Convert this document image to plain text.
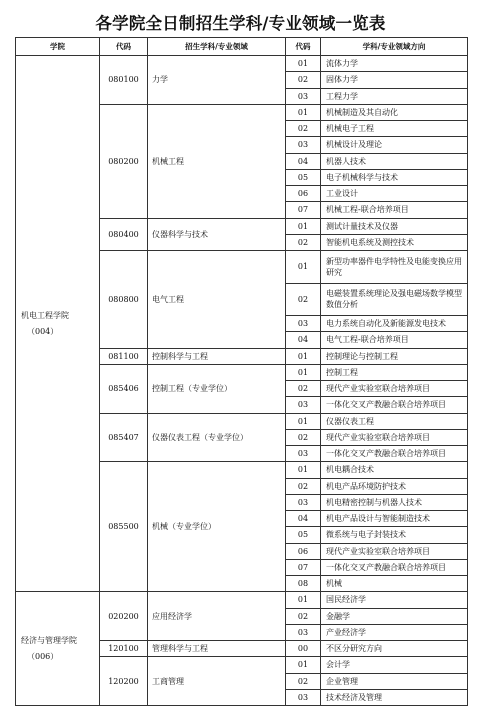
各学院全日制招生学科/专业领域一览表
学院	代码	招生学科/专业领域	代码	学科/专业领域方向
机电工程学院
（004）	080100	力学	01	流体力学
			02	固体力学
			03	工程力学
	080200	机械工程	01	机械制造及其自动化
			02	机械电子工程
			03	机械设计及理论
			04	机器人技术
			05	电子机械科学与技术
			06	工业设计
			07	机械工程-联合培养项目
	080400	仪器科学与技术	01	测试计量技术及仪器
			02	智能机电系统及测控技术
	080800	电气工程	01	新型功率器件电学特性及电能变换应用研究
			02	电磁装置系统理论及强电磁场数学模型数值分析
			03	电力系统自动化及新能源发电技术
			04	电气工程-联合培养项目
	081100	控制科学与工程	01	控制理论与控制工程
	085406	控制工程（专业学位）	01	控制工程
			02	现代产业实验室联合培养项目
			03	一体化交叉产教融合联合培养项目
	085407	仪器仪表工程（专业学位）	01	仪器仪表工程
			02	现代产业实验室联合培养项目
			03	一体化交叉产教融合联合培养项目
	085500	机械（专业学位）	01	机电耦合技术
			02	机电产品环境防护技术
			03	机电精密控制与机器人技术
			04	机电产品设计与智能制造技术
			05	微系统与电子封装技术
			06	现代产业实验室联合培养项目
			07	一体化交叉产教融合联合培养项目
			08	机械
经济与管理学院
（006）	020200	应用经济学	01	国民经济学
			02	金融学
			03	产业经济学
	120100	管理科学与工程	00	不区分研究方向
	120200	工商管理	01	会计学
			02	企业管理
			03	技术经济及管理
